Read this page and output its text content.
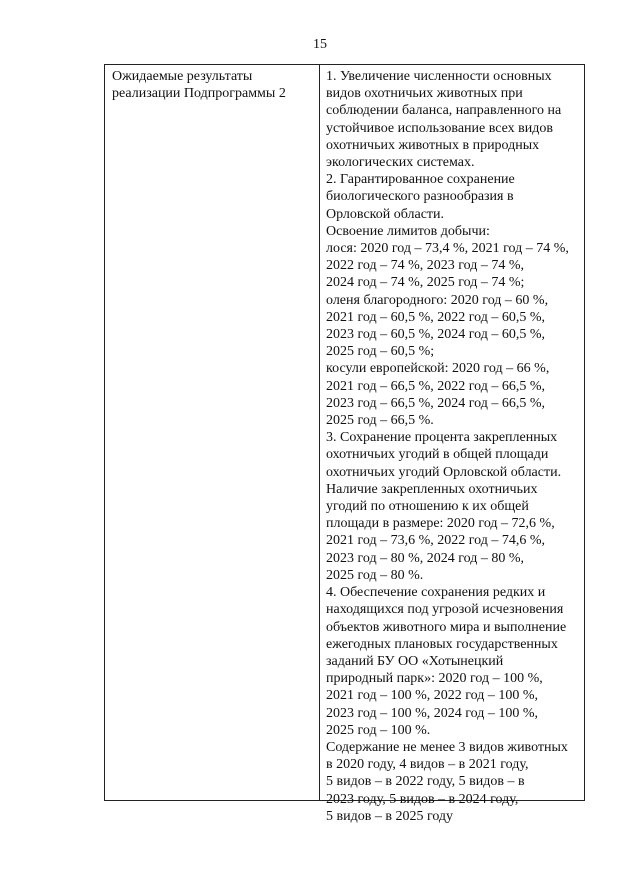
15
Ожидаемые результаты
реализации Подпрограммы 2
1. Увеличение численности основных
видов охотничьих животных при
соблюдении баланса, направленного на
устойчивое использование всех видов
охотничьих животных в природных
экологических системах.
2. Гарантированное сохранение
биологического разнообразия в
Орловской области.
Освоение лимитов добычи:
лося: 2020 год – 73,4 %, 2021 год – 74 %,
2022 год – 74 %, 2023 год – 74 %,
2024 год – 74 %, 2025 год – 74 %;
оленя благородного: 2020 год – 60 %,
2021 год – 60,5 %, 2022 год – 60,5 %,
2023 год – 60,5 %, 2024 год – 60,5 %,
2025 год – 60,5 %;
косули европейской: 2020 год – 66 %,
2021 год – 66,5 %, 2022 год – 66,5 %,
2023 год – 66,5 %, 2024 год – 66,5 %,
2025 год – 66,5 %.
3. Сохранение процента закрепленных
охотничьих угодий в общей площади
охотничьих угодий Орловской области.
Наличие закрепленных охотничьих
угодий по отношению к их общей
площади в размере: 2020 год – 72,6 %,
2021 год – 73,6 %, 2022 год – 74,6 %,
2023 год – 80 %, 2024 год – 80 %,
2025 год – 80 %.
4. Обеспечение сохранения редких и
находящихся под угрозой исчезновения
объектов животного мира и выполнение
ежегодных плановых государственных
заданий БУ ОО «Хотынецкий
природный парк»: 2020 год – 100 %,
2021 год – 100 %, 2022 год – 100 %,
2023 год – 100 %, 2024 год – 100 %,
2025 год – 100 %.
Содержание не менее 3 видов животных
в 2020 году, 4 видов – в 2021 году,
5 видов – в 2022 году, 5 видов – в
2023 году, 5 видов – в 2024 году,
5 видов – в 2025 году
